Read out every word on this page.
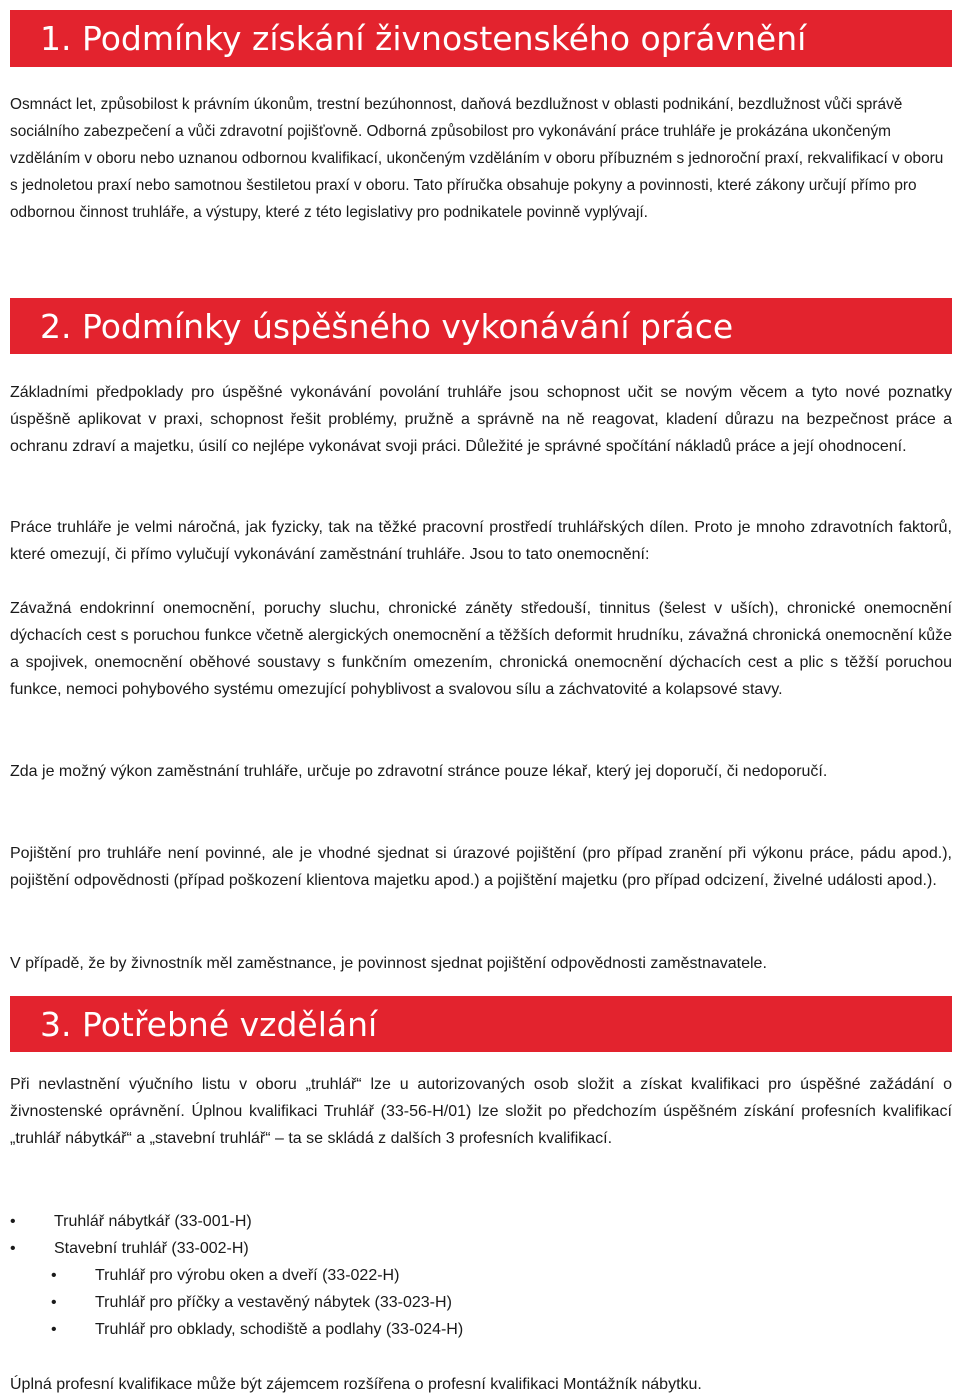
1. Podmínky získání živnostenského oprávnění

Osmnáct let, způsobilost k právním úkonům, trestní bezúhonnost, daňová bezdlužnost v oblasti podnikání, bezdlužnost vůči správě sociálního zabezpečení a vůči zdravotní pojišťovně. Odborná způsobilost pro vykonávání práce truhláře je prokázána ukončeným vzděláním v oboru nebo uznanou odbornou kvalifikací, ukončeným vzděláním v oboru příbuzném s jednoroční praxí, rekvalifikací v oboru s jednoletou praxí nebo samotnou šestiletou praxí v oboru. Tato příručka obsahuje pokyny a povinnosti, které zákony určují přímo pro odbornou činnost truhláře, a výstupy, které z této legislativy pro podnikatele povinně vyplývají.

2. Podmínky úspěšného vykonávání práce

Základními předpoklady pro úspěšné vykonávání povolání truhláře jsou schopnost učit se novým věcem a tyto nové poznatky úspěšně aplikovat v praxi, schopnost řešit problémy, pružně a správně na ně reagovat, kladení důrazu na bezpečnost práce a ochranu zdraví a majetku, úsilí co nejlépe vykonávat svoji práci. Důležité je správné spočítání nákladů práce a její ohodnocení.

Práce truhláře je velmi náročná, jak fyzicky, tak na těžké pracovní prostředí truhlářských dílen. Proto je mnoho zdravotních faktorů, které omezují, či přímo vylučují vykonávání zaměstnání truhláře. Jsou to tato onemocnění:

Závažná endokrinní onemocnění, poruchy sluchu, chronické záněty středouší, tinnitus (šelest v uších), chronické onemocnění dýchacích cest s poruchou funkce včetně alergických onemocnění a těžších deformit hrudníku, závažná chronická onemocnění kůže a spojivek, onemocnění oběhové soustavy s funkčním omezením, chronická onemocnění dýchacích cest a plic s těžší poruchou funkce, nemoci pohybového systému omezující pohyblivost a svalovou sílu a záchvatovité a kolapsové stavy.

Zda je možný výkon zaměstnání truhláře, určuje po zdravotní stránce pouze lékař, který jej doporučí, či nedoporučí.

Pojištění pro truhláře není povinné, ale je vhodné sjednat si úrazové pojištění (pro případ zranění při výkonu práce, pádu apod.), pojištění odpovědnosti (případ poškození klientova majetku apod.) a pojištění majetku (pro případ odcizení, živelné události apod.).

V případě, že by živnostník měl zaměstnance, je povinnost sjednat pojištění odpovědnosti zaměstnavatele.

3. Potřebné vzdělání

Při nevlastnění výučního listu v oboru „truhlář“ lze u autorizovaných osob složit a získat kvalifikaci pro úspěšné zažádání o živnostenské oprávnění. Úplnou kvalifikaci Truhlář (33-56-H/01) lze složit po předchozím úspěšném získání profesních kvalifikací „truhlář nábytkář“ a „stavební truhlář“ – ta se skládá z dalších 3 profesních kvalifikací.

•	Truhlář nábytkář (33-001-H)
•	Stavební truhlář (33-002-H)
•	Truhlář pro výrobu oken a dveří (33-022-H)
•	Truhlář pro příčky a vestavěný nábytek (33-023-H)
•	Truhlář pro obklady, schodiště a podlahy (33-024-H)

Úplná profesní kvalifikace může být zájemcem rozšířena o profesní kvalifikaci Montážník nábytku.
